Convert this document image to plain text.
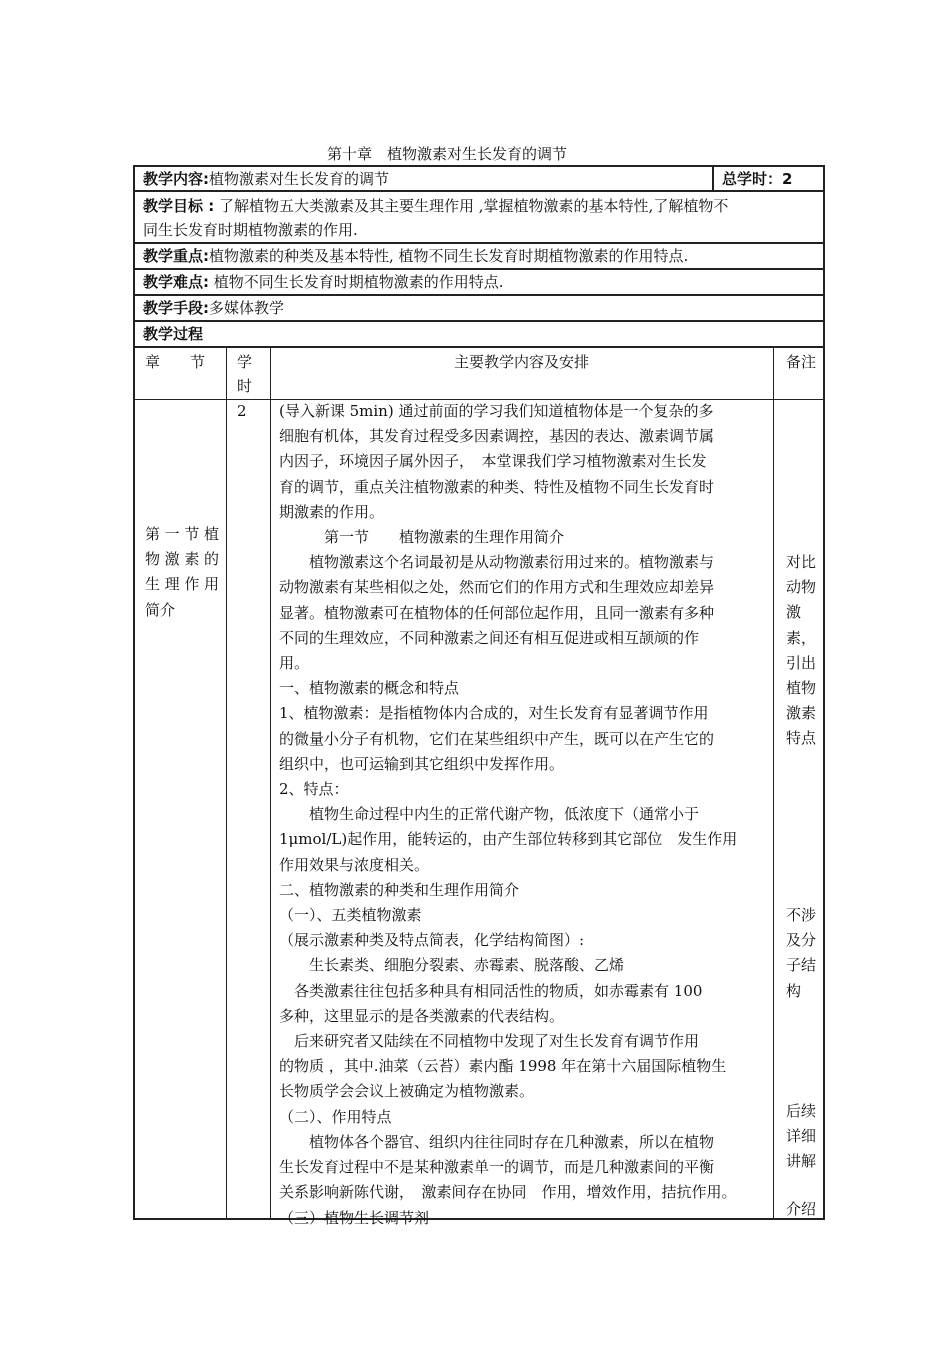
第十章　植物激素对生长发育的调节
教学内容:植物激素对生长发育的调节	总学时：2
教学目标 : 了解植物五大类激素及其主要生理作用 ,掌握植物激素的基本特性,了解植物不
同生长发育时期植物激素的作用.
教学重点:植物激素的种类及基本特性, 植物不同生长发育时期植物激素的作用特点.
教学难点: 植物不同生长发育时期植物激素的作用特点.
教学手段:多媒体教学
教学过程
章　　节 学
时
主要教学内容及安排	备注
第一节植
物激素的
生理作用
简介
2 (导入新课 5min) 通过前面的学习我们知道植物体是一个复杂的多
细胞有机体，其发育过程受多因素调控，基因的表达、激素调节属
内因子，环境因子属外因子，　本堂课我们学习植物激素对生长发
育的调节，重点关注植物激素的种类、特性及植物不同生长发育时
期激素的作用。
　　　第一节　　植物激素的生理作用简介
　　植物激素这个名词最初是从动物激素衍用过来的。植物激素与
动物激素有某些相似之处，然而它们的作用方式和生理效应却差异
显著。植物激素可在植物体的任何部位起作用，且同一激素有多种
不同的生理效应，不同种激素之间还有相互促进或相互颉颃的作
用。
一、植物激素的概念和特点
1、植物激素：是指植物体内合成的，对生长发育有显著调节作用
的微量小分子有机物，它们在某些组织中产生，既可以在产生它的
组织中，也可运输到其它组织中发挥作用。
2、特点：
　　植物生命过程中内生的正常代谢产物，低浓度下（通常小于
1μmol/L)起作用，能转运的，由产生部位转移到其它部位　发生作用
作用效果与浓度相关。
二、植物激素的种类和生理作用简介
（一）、五类植物激素
（展示激素种类及特点简表，化学结构简图）:
　　生长素类、细胞分裂素、赤霉素、脱落酸、乙烯
　各类激素往往包括多种具有相同活性的物质，如赤霉素有 100
多种，这里显示的是各类激素的代表结构。
　后来研究者又陆续在不同植物中发现了对生长发育有调节作用
的物质 ，其中.油菜（云苔）素内酯 1998 年在第十六届国际植物生
长物质学会会议上被确定为植物激素。
（二）、作用特点
　　植物体各个器官、组织内往往同时存在几种激素，所以在植物
生长发育过程中不是某种激素单一的调节，而是几种激素间的平衡
关系影响新陈代谢，　激素间存在协同　作用，增效作用，拮抗作用。
（三）植物生长调节剂
对比
动物
激
素，
引出
植物
激素
特点
不涉
及分
子结
构
后续
详细
讲解
介绍
